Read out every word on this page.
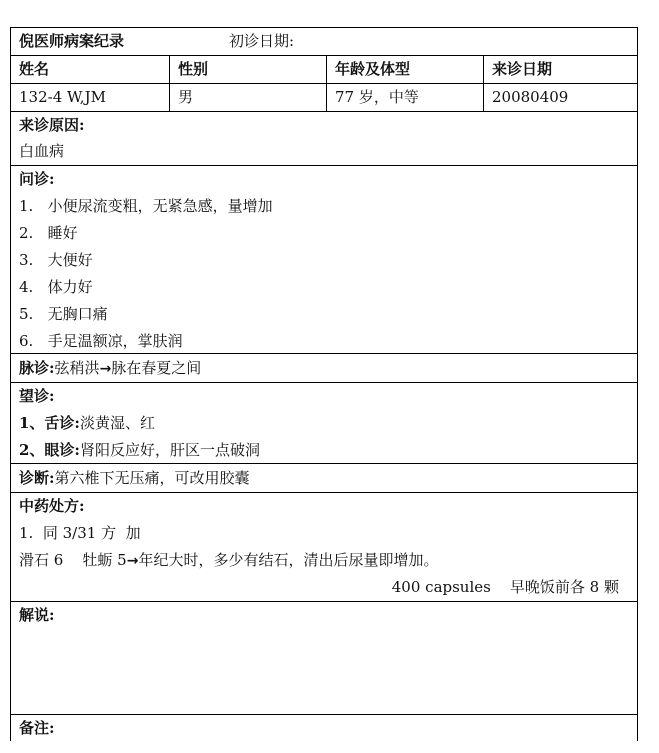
倪医师病案纪录	初诊日期:
姓名	性别	年龄及体型	来诊日期
132-4 W,JM	男	77 岁，中等	20080409
来诊原因:
白血病
问诊:
1. 小便尿流变粗，无紧急感，量增加
2. 睡好
3. 大便好
4. 体力好
5. 无胸口痛
6. 手足温额凉，掌肤润
脉诊:弦稍洪→脉在春夏之间
望诊:
1、舌诊:淡黄湿、红
2、眼诊:肾阳反应好，肝区一点破洞
诊断:第六椎下无压痛，可改用胶囊
中药处方:
1.  同 3/31 方  加
滑石 6    牡蛎 5→年纪大时，多少有结石，清出后尿量即增加。
400 capsules    早晚饭前各 8 颗
解说:
备注:
